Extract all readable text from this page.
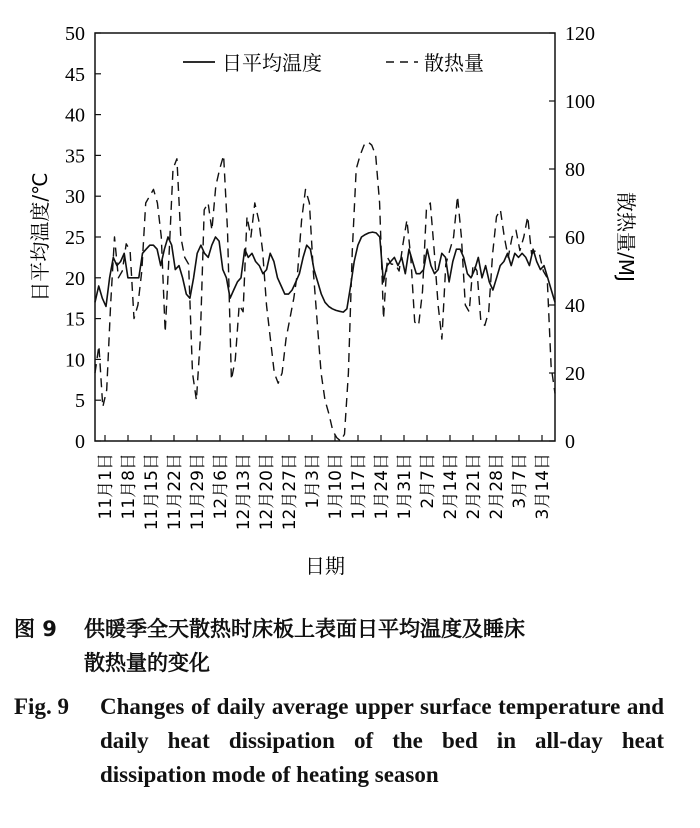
0
5
10
15
20
25
30
35
40
45
50
0
20
40
60
80
100
120
11月1日 11月8日 11月15日 11月22日 11月29日 12月6日 12月13日 12月20日 12月27日 1月3日 1月10日 1月17日 1月24日 1月31日 2月7日 2月14日 2月21日 2月28日 3月7日 3月14日
日平均温度	散热量
日平均温度/℃	散热量/MJ
日期
图 9 供暖季全天散热时床板上表面日平均温度及睡床
散热量的变化
Fig. 9 Changes of daily average upper surface temperature and daily heat dissipation of the bed in all-day heat dissipation mode of heating season
